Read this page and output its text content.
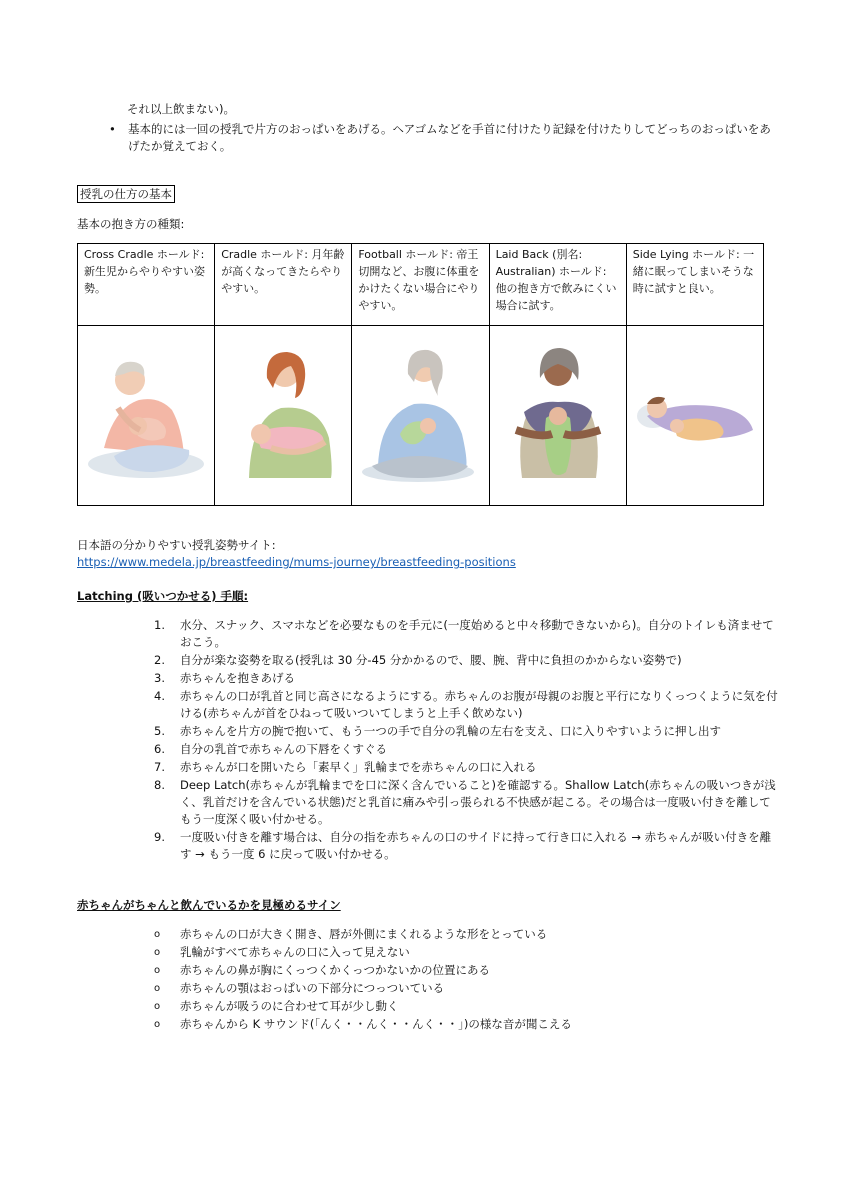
それ以上飲まない)。
• 基本的には一回の授乳で片方のおっぱいをあげる。ヘアゴムなどを手首に付けたり記録を付けたりしてどっちのおっぱいをあげたか覚えておく。
授乳の仕方の基本
基本の抱き方の種類:
Cross Cradle ホールド: 新生児からやりやすい姿勢。	Cradle ホールド: 月年齢が高くなってきたらやりやすい。	Football ホールド: 帝王切開など、お腹に体重をかけたくない場合にやりやすい。	Laid Back (別名: Australian) ホールド: 他の抱き方で飲みにくい場合に試す。	Side Lying ホールド: 一緒に眠ってしまいそうな時に試すと良い。

日本語の分かりやすい授乳姿勢サイト:
https://www.medela.jp/breastfeeding/mums-journey/breastfeeding-positions
Latching (吸いつかせる) 手順:
1. 水分、スナック、スマホなどを必要なものを手元に(一度始めると中々移動できないから)。自分のトイレも済ませておこう。
2. 自分が楽な姿勢を取る(授乳は 30 分-45 分かかるので、腰、腕、背中に負担のかからない姿勢で)
3. 赤ちゃんを抱きあげる
4. 赤ちゃんの口が乳首と同じ高さになるようにする。赤ちゃんのお腹が母親のお腹と平行になりくっつくように気を付ける(赤ちゃんが首をひねって吸いついてしまうと上手く飲めない)
5. 赤ちゃんを片方の腕で抱いて、もう一つの手で自分の乳輪の左右を支え、口に入りやすいように押し出す
6. 自分の乳首で赤ちゃんの下唇をくすぐる
7. 赤ちゃんが口を開いたら「素早く」乳輪までを赤ちゃんの口に入れる
8. Deep Latch(赤ちゃんが乳輪までを口に深く含んでいること)を確認する。Shallow Latch(赤ちゃんの吸いつきが浅く、乳首だけを含んでいる状態)だと乳首に痛みや引っ張られる不快感が起こる。その場合は一度吸い付きを離してもう一度深く吸い付かせる。
9. 一度吸い付きを離す場合は、自分の指を赤ちゃんの口のサイドに持って行き口に入れる → 赤ちゃんが吸い付きを離す → もう一度 6 に戻って吸い付かせる。
赤ちゃんがちゃんと飲んでいるかを見極めるサイン
o 赤ちゃんの口が大きく開き、唇が外側にまくれるような形をとっている
o 乳輪がすべて赤ちゃんの口に入って見えない
o 赤ちゃんの鼻が胸にくっつくかくっつかないかの位置にある
o 赤ちゃんの顎はおっぱいの下部分につっついている
o 赤ちゃんが吸うのに合わせて耳が少し動く
o 赤ちゃんから K サウンド(「んく・・んく・・んく・・」)の様な音が聞こえる
